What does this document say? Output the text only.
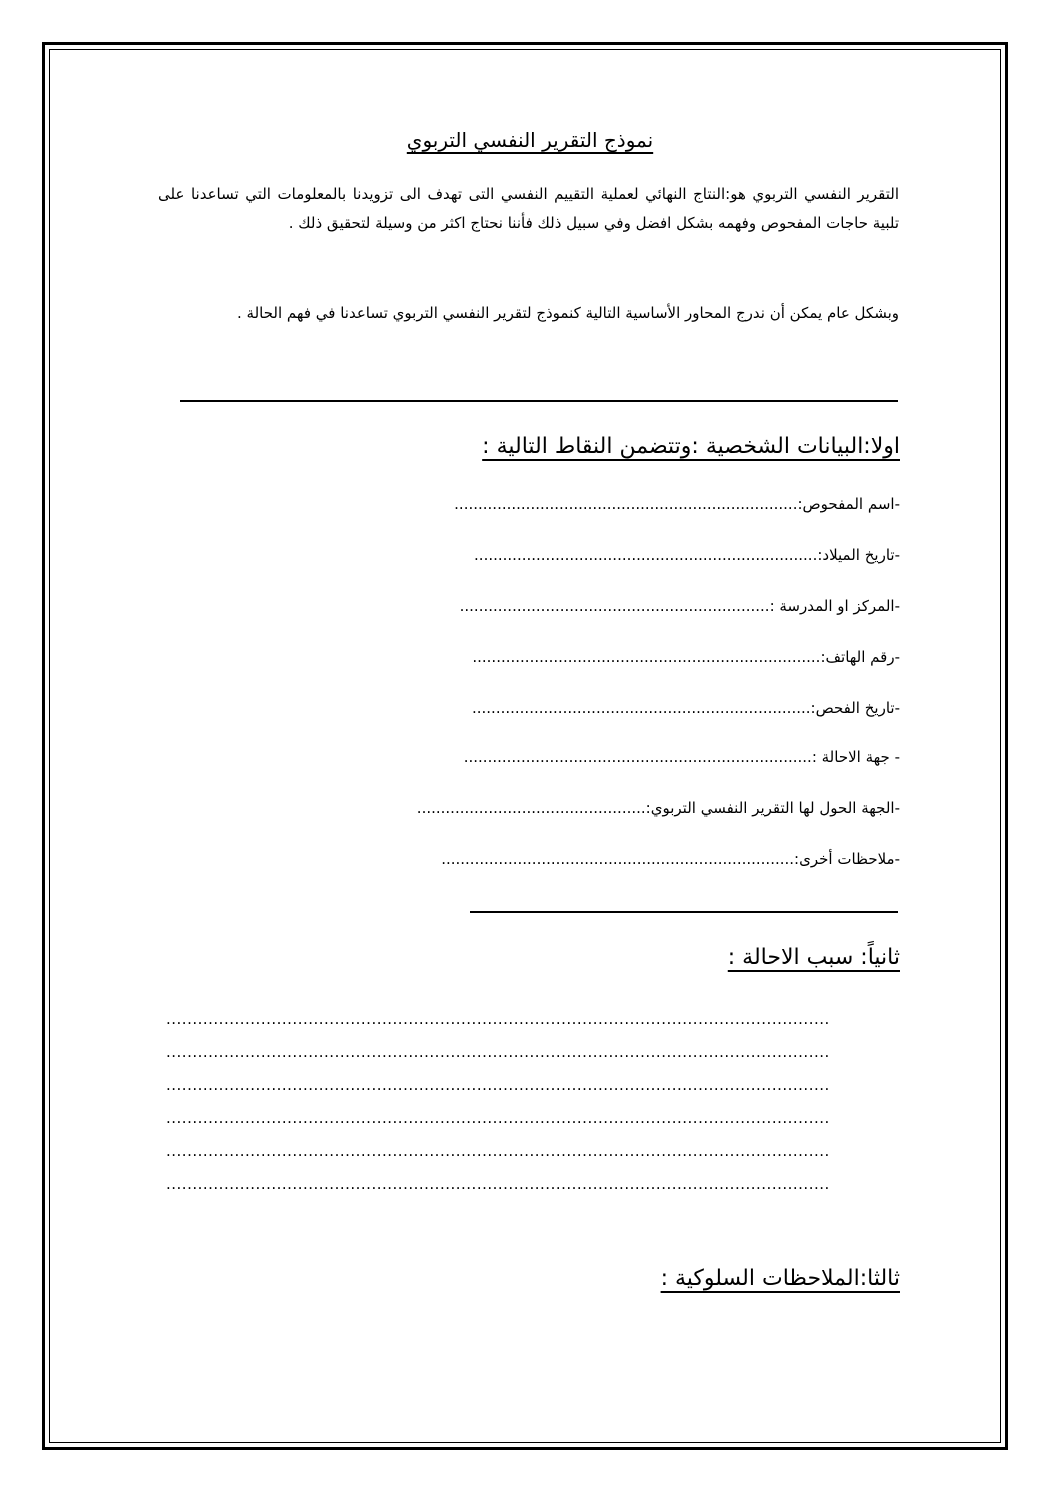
نموذج التقرير النفسي التربوي
التقرير النفسي التربوي هو:النتاج النهائي لعملية التقييم النفسي التى تهدف الى تزويدنا بالمعلومات التي تساعدنا على تلبية حاجات المفحوص وفهمه بشكل افضل وفي سبيل ذلك فأننا نحتاج اكثر من وسيلة لتحقيق ذلك .
وبشكل عام يمكن أن ندرج المحاور الأساسية التالية كنموذج لتقرير النفسي التربوي تساعدنا في فهم الحالة .
اولا:البيانات الشخصية :وتتضمن النقاط التالية :
-اسم المفحوص:........................................................................
-تاريخ الميلاد:........................................................................
-المركز او المدرسة :.................................................................
-رقم الهاتف:.........................................................................
-تاريخ الفحص:.......................................................................
- جهة الاحالة :.........................................................................
-الجهة الحول لها التقرير النفسي التربوي:................................................
-ملاحظات أخرى:..........................................................................
ثانياً: سبب الاحالة :
..............................................................................................................................
..............................................................................................................................
..............................................................................................................................
..............................................................................................................................
..............................................................................................................................
..............................................................................................................................
ثالثا:الملاحظات السلوكية :
